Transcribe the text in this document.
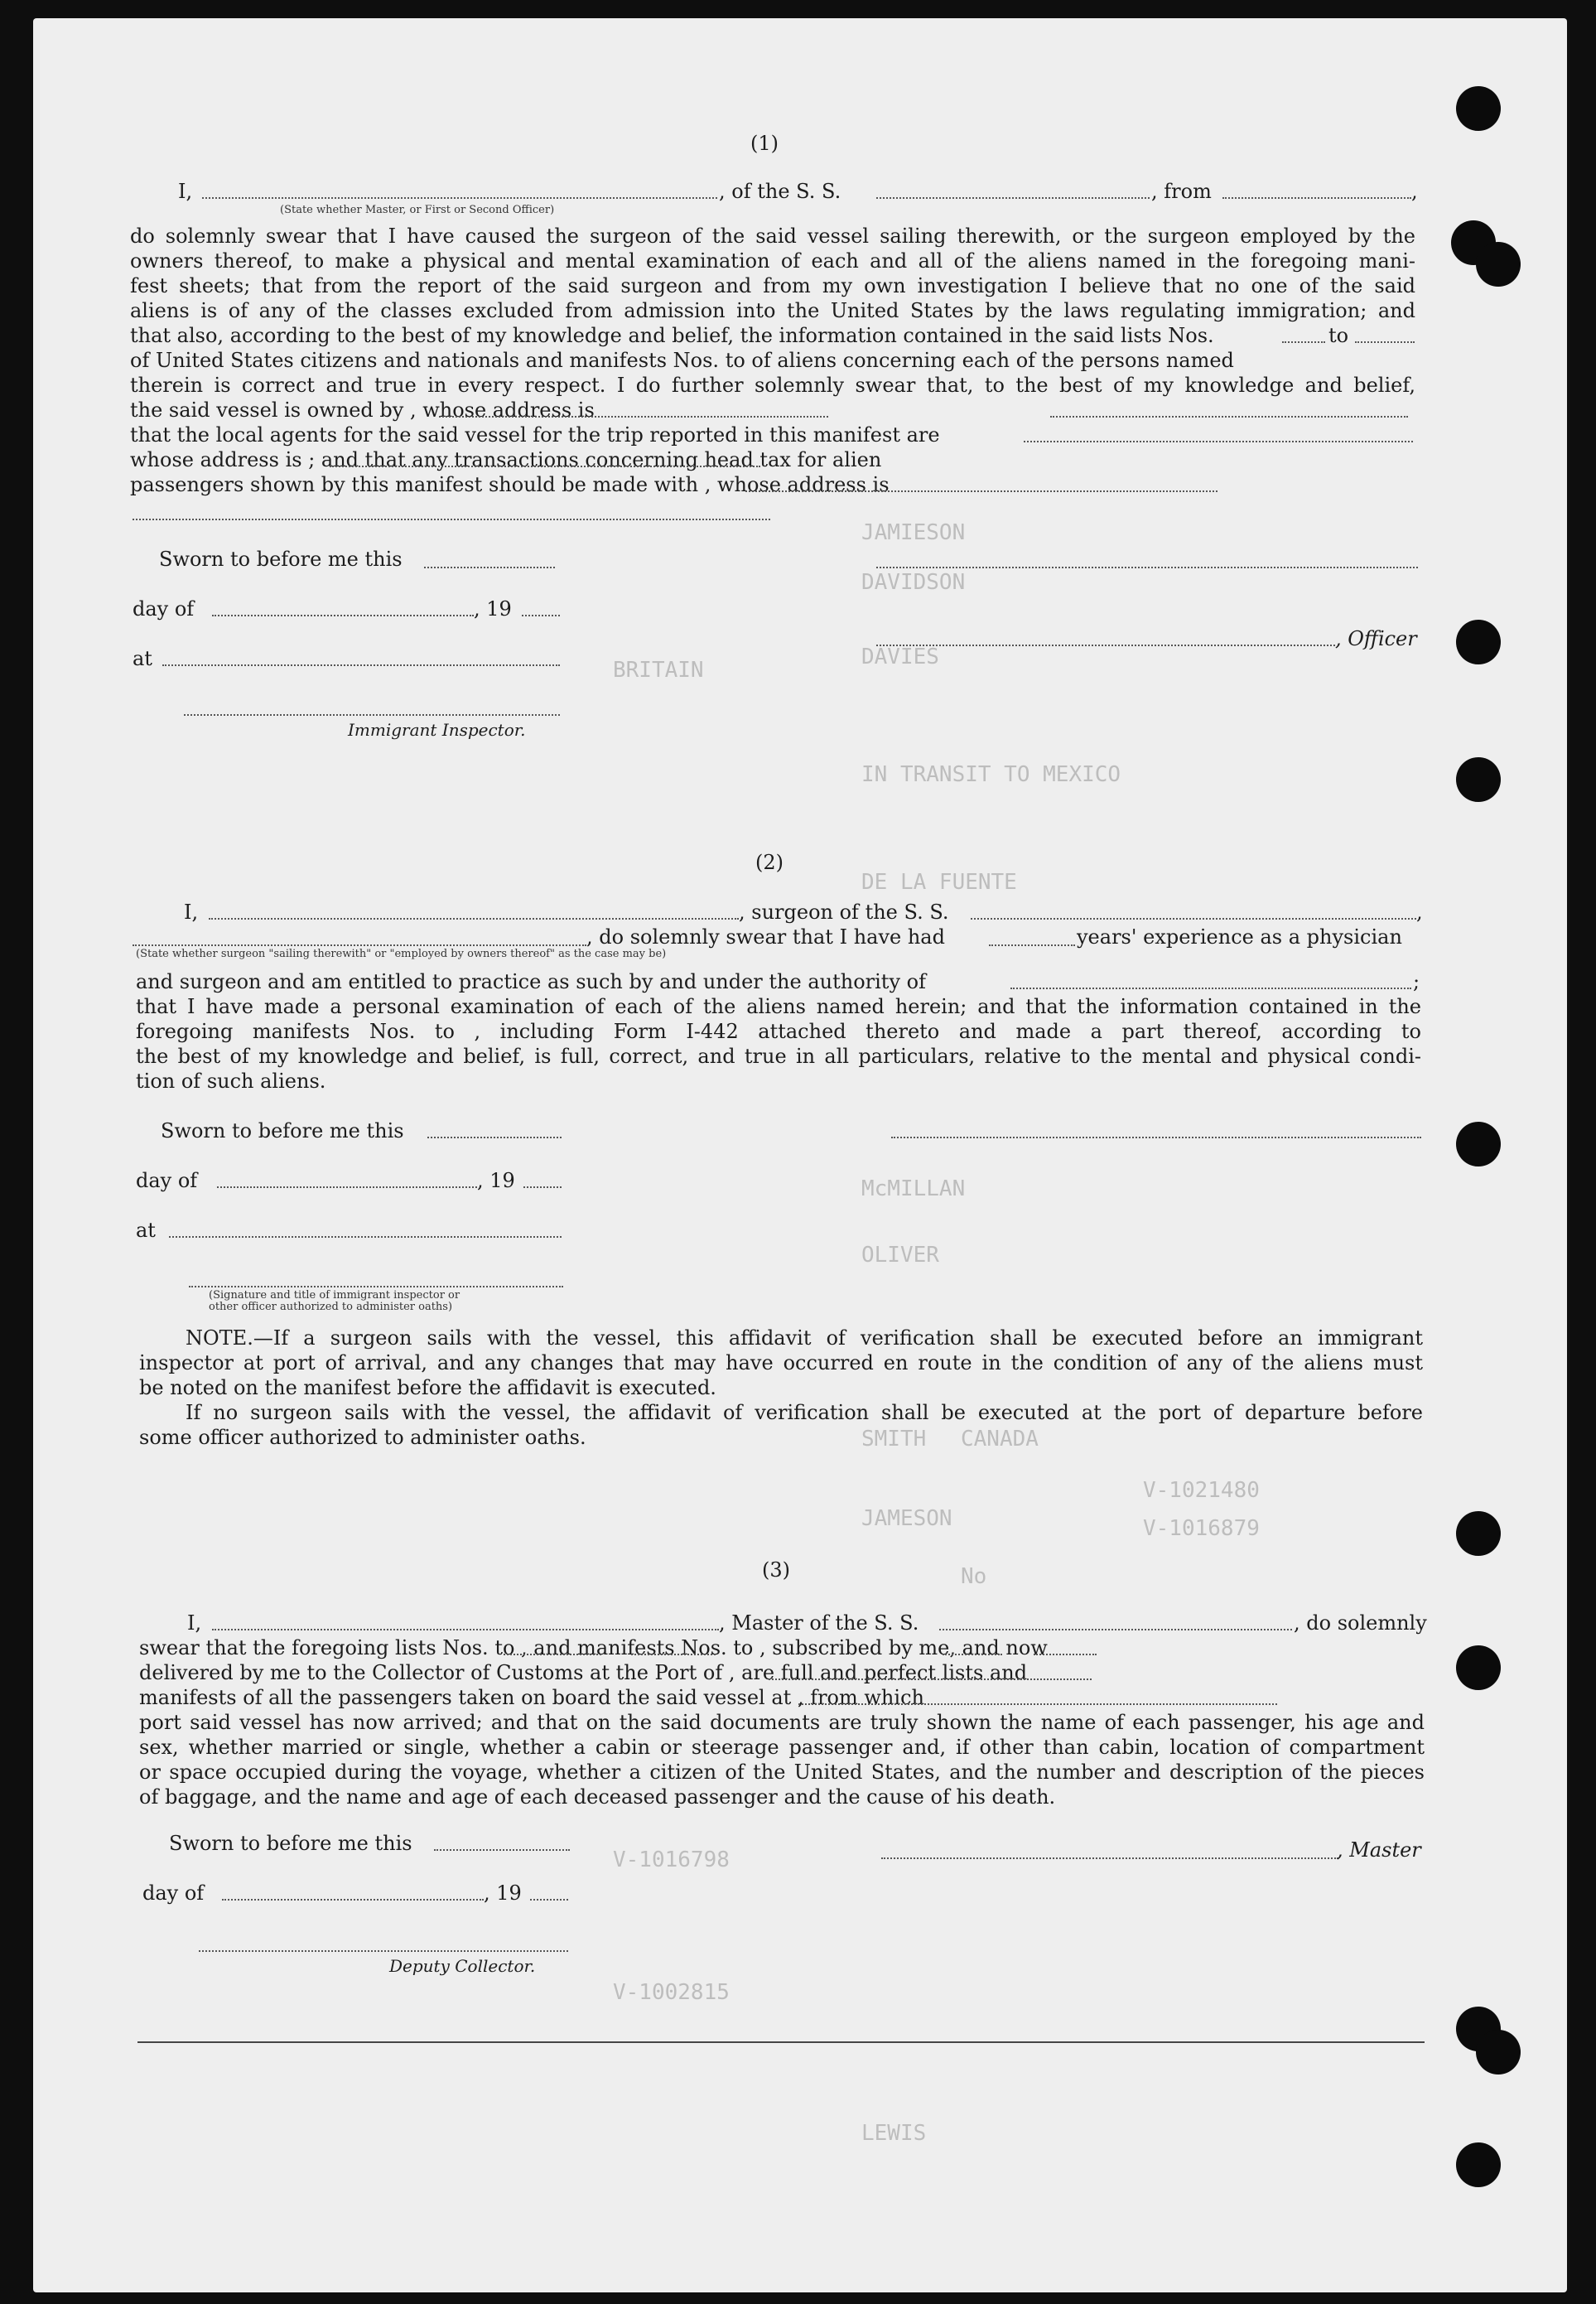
JAMIESON
DAVIDSON
DAVIES
IN TRANSIT TO MEXICO
DE LA FUENTE
McMILLAN
OLIVER
SMITH
JAMESON
LEWIS
V-1021480
V-1016879
V-1016798
V-1002815
BRITAIN
CANADA
No
(1)
I,
(State whether Master, or First or Second Officer)
, of the S. S.	, from	,
do solemnly swear that I have caused the surgeon of the said vessel sailing therewith, or the surgeon employed by the
owners thereof, to make a physical and mental examination of each and all of the aliens named in the foregoing mani-
fest sheets; that from the report of the said surgeon and from my own investigation I believe that no one of the said
aliens is of any of the classes excluded from admission into the United States by the laws regulating immigration; and
that also, according to the best of my knowledge and belief, the information contained in the said lists Nos.	to
of United States citizens and nationals and manifests Nos. to of aliens concerning each of the persons named
therein is correct and true in every respect. I do further solemnly swear that, to the best of my knowledge and belief,
the said vessel is owned by , whose address is
that the local agents for the said vessel for the trip reported in this manifest are
whose address is ; and that any transactions concerning head tax for alien
passengers shown by this manifest should be made with , whose address is
Sworn to before me this
day of	, 19
at
Immigrant Inspector.
, Officer
(2)
I,	, surgeon of the S. S.	,
(State whether surgeon "sailing therewith" or "employed by owners thereof" as the case may be)
, do solemnly swear that I have had	years' experience as a physician
and surgeon and am entitled to practice as such by and under the authority of	;
that I have made a personal examination of each of the aliens named herein; and that the information contained in the
foregoing manifests Nos. to , including Form I-442 attached thereto and made a part thereof, according to
the best of my knowledge and belief, is full, correct, and true in all particulars, relative to the mental and physical condi-
tion of such aliens.
Sworn to before me this
day of	, 19
at
(Signature and title of immigrant inspector or
other officer authorized to administer oaths)
NOTE.—If a surgeon sails with the vessel, this affidavit of verification shall be executed before an immigrant
inspector at port of arrival, and any changes that may have occurred en route in the condition of any of the aliens must
be noted on the manifest before the affidavit is executed.
If no surgeon sails with the vessel, the affidavit of verification shall be executed at the port of departure before
some officer authorized to administer oaths.
(3)
I,	, Master of the S. S.	, do solemnly
swear that the foregoing lists Nos. to , and manifests Nos. to , subscribed by me, and now
delivered by me to the Collector of Customs at the Port of , are full and perfect lists and
manifests of all the passengers taken on board the said vessel at , from which
port said vessel has now arrived; and that on the said documents are truly shown the name of each passenger, his age and
sex, whether married or single, whether a cabin or steerage passenger and, if other than cabin, location of compartment
or space occupied during the voyage, whether a citizen of the United States, and the number and description of the pieces
of baggage, and the name and age of each deceased passenger and the cause of his death.
Sworn to before me this	, Master
day of	, 19
Deputy Collector.
